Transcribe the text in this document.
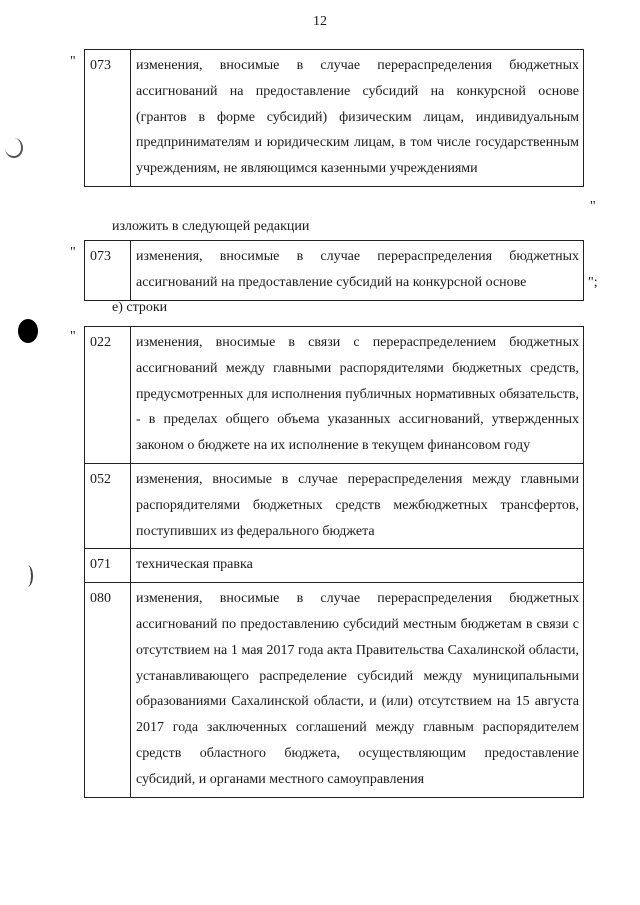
12
" 073	изменения, вносимые в случае перераспределения бюджетных ассигнований на предоставление субсидий на конкурсной основе (грантов в форме субсидий) физическим лицам, индивидуальным предпринимателям и юридическим лицам, в том числе государственным учреждениям, не являющимся казенными учреждениями
"
изложить в следующей редакции
" 073	изменения, вносимые в случае перераспределения бюджетных ассигнований на предоставление субсидий на конкурсной основе	";
е) строки
" 022	изменения, вносимые в связи с перераспределением бюджетных ассигнований между главными распорядителями бюджетных средств, предусмотренных для исполнения публичных нормативных обязательств, - в пределах общего объема указанных ассигнований, утвержденных законом о бюджете на их исполнение в текущем финансовом году
052	изменения, вносимые в случае перераспределения между главными распорядителями бюджетных средств межбюджетных трансфертов, поступивших из федерального бюджета
071	техническая правка
080	изменения, вносимые в случае перераспределения бюджетных ассигнований по предоставлению субсидий местным бюджетам в связи с отсутствием на 1 мая 2017 года акта Правительства Сахалинской области, устанавливающего распределение субсидий между муниципальными образованиями Сахалинской области, и (или) отсутствием на 15 августа 2017 года заключенных соглашений между главным распорядителем средств областного бюджета, осуществляющим предоставление субсидий, и органами местного самоуправления
